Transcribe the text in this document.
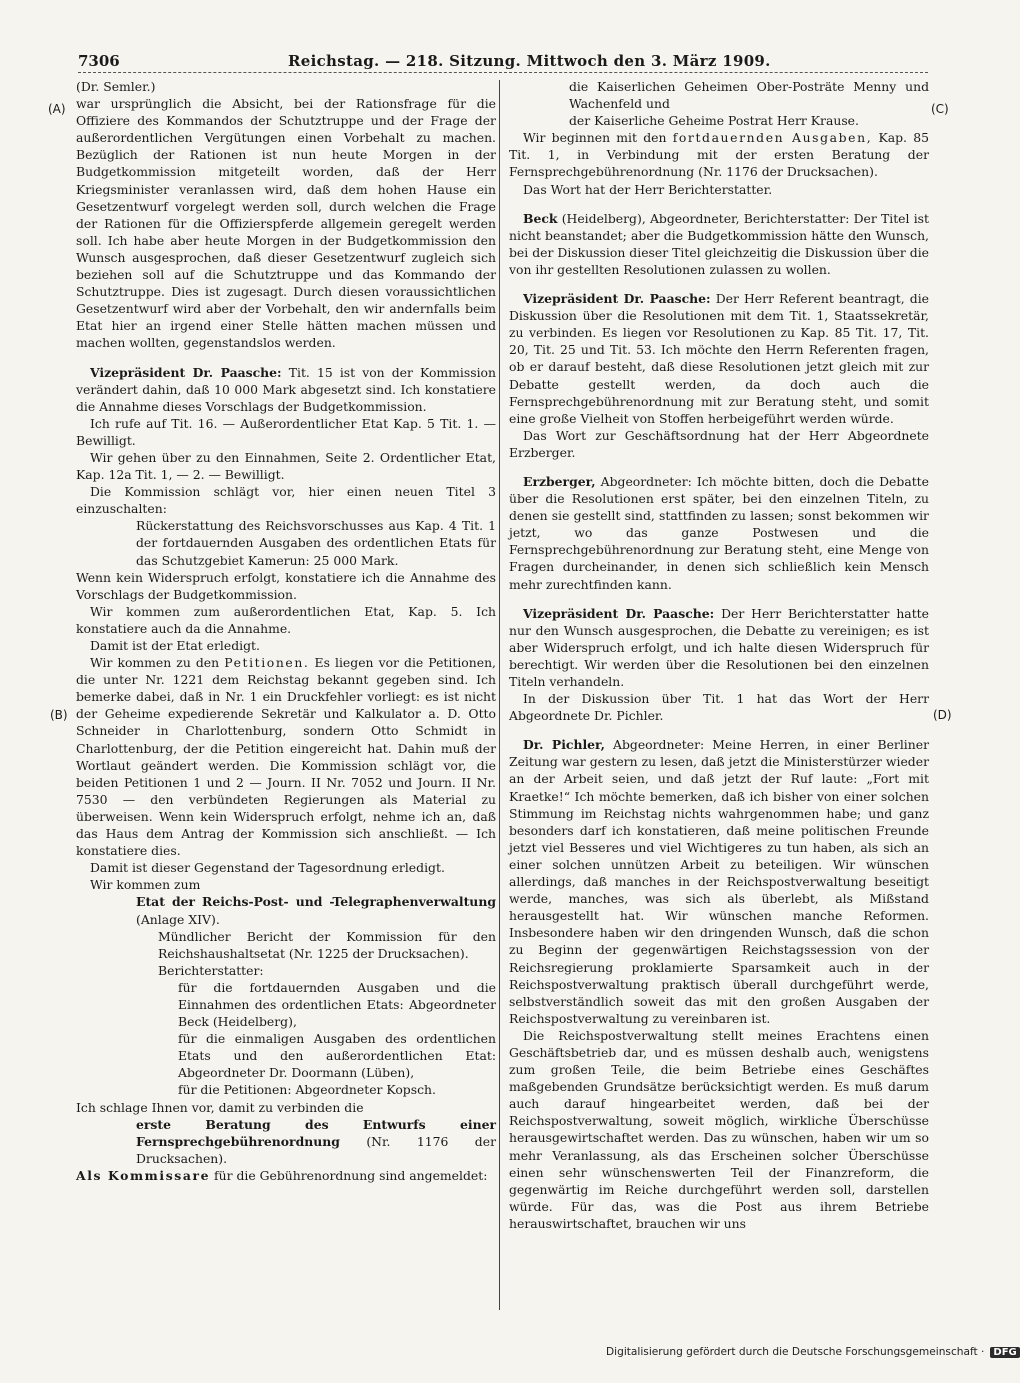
7306	Reichstag. — 218. Sitzung. Mittwoch den 3. März 1909.
(A)
(B)
(C)
(D)

(Dr. Semler.)

war ursprünglich die Absicht, bei der Rationsfrage für die Offiziere des Kommandos der Schutztruppe und der Frage der außerordentlichen Vergütungen einen Vorbehalt zu machen. Bezüglich der Rationen ist nun heute Morgen in der Budgetkommission mitgeteilt worden, daß der Herr Kriegsminister veranlassen wird, daß dem hohen Hause ein Gesetzentwurf vorgelegt werden soll, durch welchen die Frage der Rationen für die Offizierspferde allgemein geregelt werden soll. Ich habe aber heute Morgen in der Budgetkommission den Wunsch ausgesprochen, daß dieser Gesetzentwurf zugleich sich beziehen soll auf die Schutztruppe und das Kommando der Schutztruppe. Dies ist zugesagt. Durch diesen voraussichtlichen Gesetzentwurf wird aber der Vorbehalt, den wir andernfalls beim Etat hier an irgend einer Stelle hätten machen müssen und machen wollten, gegenstandslos werden.

Vizepräsident Dr. Paasche: Tit. 15 ist von der Kommission verändert dahin, daß 10 000 Mark abgesetzt sind. Ich konstatiere die Annahme dieses Vorschlags der Budgetkommission.

Ich rufe auf Tit. 16. — Außerordentlicher Etat Kap. 5 Tit. 1. — Bewilligt.

Wir gehen über zu den Einnahmen, Seite 2. Ordentlicher Etat, Kap. 12a Tit. 1, — 2. — Bewilligt.

Die Kommission schlägt vor, hier einen neuen Titel 3 einzuschalten:

Rückerstattung des Reichsvorschusses aus Kap. 4 Tit. 1 der fortdauernden Ausgaben des ordentlichen Etats für das Schutzgebiet Kamerun: 25 000 Mark.

Wenn kein Widerspruch erfolgt, konstatiere ich die Annahme des Vorschlags der Budgetkommission.

Wir kommen zum außerordentlichen Etat, Kap. 5. Ich konstatiere auch da die Annahme.

Damit ist der Etat erledigt.

Wir kommen zu den Petitionen. Es liegen vor die Petitionen, die unter Nr. 1221 dem Reichstag bekannt gegeben sind. Ich bemerke dabei, daß in Nr. 1 ein Druckfehler vorliegt: es ist nicht der Geheime expedierende Sekretär und Kalkulator a. D. Otto Schneider in Charlottenburg, sondern Otto Schmidt in Charlottenburg, der die Petition eingereicht hat. Dahin muß der Wortlaut geändert werden. Die Kommission schlägt vor, die beiden Petitionen 1 und 2 — Journ. II Nr. 7052 und Journ. II Nr. 7530 — den verbündeten Regierungen als Material zu überweisen. Wenn kein Widerspruch erfolgt, nehme ich an, daß das Haus dem Antrag der Kommission sich anschließt. — Ich konstatiere dies.

Damit ist dieser Gegenstand der Tagesordnung erledigt.

Wir kommen zum

Etat der Reichs-Post- und -Telegraphenverwaltung (Anlage XIV).

Mündlicher Bericht der Kommission für den Reichshaushaltsetat (Nr. 1225 der Drucksachen).

Berichterstatter:

für die fortdauernden Ausgaben und die Einnahmen des ordentlichen Etats: Abgeordneter Beck (Heidelberg),

für die einmaligen Ausgaben des ordentlichen Etats und den außerordentlichen Etat: Abgeordneter Dr. Doormann (Lüben),

für die Petitionen: Abgeordneter Kopsch.

Ich schlage Ihnen vor, damit zu verbinden die

erste Beratung des Entwurfs einer Fernsprechgebührenordnung (Nr. 1176 der Drucksachen).

Als Kommissare für die Gebührenordnung sind angemeldet:

die Kaiserlichen Geheimen Ober-Posträte Menny und Wachenfeld und

der Kaiserliche Geheime Postrat Herr Krause.

Wir beginnen mit den fortdauernden Ausgaben, Kap. 85 Tit. 1, in Verbindung mit der ersten Beratung der Fernsprechgebührenordnung (Nr. 1176 der Drucksachen).

Das Wort hat der Herr Berichterstatter.

Beck (Heidelberg), Abgeordneter, Berichterstatter: Der Titel ist nicht beanstandet; aber die Budgetkommission hätte den Wunsch, bei der Diskussion dieser Titel gleichzeitig die Diskussion über die von ihr gestellten Resolutionen zulassen zu wollen.

Vizepräsident Dr. Paasche: Der Herr Referent beantragt, die Diskussion über die Resolutionen mit dem Tit. 1, Staatssekretär, zu verbinden. Es liegen vor Resolutionen zu Kap. 85 Tit. 17, Tit. 20, Tit. 25 und Tit. 53. Ich möchte den Herrn Referenten fragen, ob er darauf besteht, daß diese Resolutionen jetzt gleich mit zur Debatte gestellt werden, da doch auch die Fernsprechgebührenordnung mit zur Beratung steht, und somit eine große Vielheit von Stoffen herbeigeführt werden würde.

Das Wort zur Geschäftsordnung hat der Herr Abgeordnete Erzberger.

Erzberger, Abgeordneter: Ich möchte bitten, doch die Debatte über die Resolutionen erst später, bei den einzelnen Titeln, zu denen sie gestellt sind, stattfinden zu lassen; sonst bekommen wir jetzt, wo das ganze Postwesen und die Fernsprechgebührenordnung zur Beratung steht, eine Menge von Fragen durcheinander, in denen sich schließlich kein Mensch mehr zurechtfinden kann.

Vizepräsident Dr. Paasche: Der Herr Berichterstatter hatte nur den Wunsch ausgesprochen, die Debatte zu vereinigen; es ist aber Widerspruch erfolgt, und ich halte diesen Widerspruch für berechtigt. Wir werden über die Resolutionen bei den einzelnen Titeln verhandeln.

In der Diskussion über Tit. 1 hat das Wort der Herr Abgeordnete Dr. Pichler.

Dr. Pichler, Abgeordneter: Meine Herren, in einer Berliner Zeitung war gestern zu lesen, daß jetzt die Ministerstürzer wieder an der Arbeit seien, und daß jetzt der Ruf laute: „Fort mit Kraetke!“ Ich möchte bemerken, daß ich bisher von einer solchen Stimmung im Reichstag nichts wahrgenommen habe; und ganz besonders darf ich konstatieren, daß meine politischen Freunde jetzt viel Besseres und viel Wichtigeres zu tun haben, als sich an einer solchen unnützen Arbeit zu beteiligen. Wir wünschen allerdings, daß manches in der Reichspostverwaltung beseitigt werde, manches, was sich als überlebt, als Mißstand herausgestellt hat. Wir wünschen manche Reformen. Insbesondere haben wir den dringenden Wunsch, daß die schon zu Beginn der gegenwärtigen Reichstagssession von der Reichsregierung proklamierte Sparsamkeit auch in der Reichspostverwaltung praktisch überall durchgeführt werde, selbstverständlich soweit das mit den großen Ausgaben der Reichspostverwaltung zu vereinbaren ist.

Die Reichspostverwaltung stellt meines Erachtens einen Geschäftsbetrieb dar, und es müssen deshalb auch, wenigstens zum großen Teile, die beim Betriebe eines Geschäftes maßgebenden Grundsätze berücksichtigt werden. Es muß darum auch darauf hingearbeitet werden, daß bei der Reichspostverwaltung, soweit möglich, wirkliche Überschüsse herausgewirtschaftet werden. Das zu wünschen, haben wir um so mehr Veranlassung, als das Erscheinen solcher Überschüsse einen sehr wünschenswerten Teil der Finanzreform, die gegenwärtig im Reiche durchgeführt werden soll, darstellen würde. Für das, was die Post aus ihrem Betriebe herauswirtschaftet, brauchen wir uns

Digitalisierung gefördert durch die Deutsche Forschungsgemeinschaft · DFG
